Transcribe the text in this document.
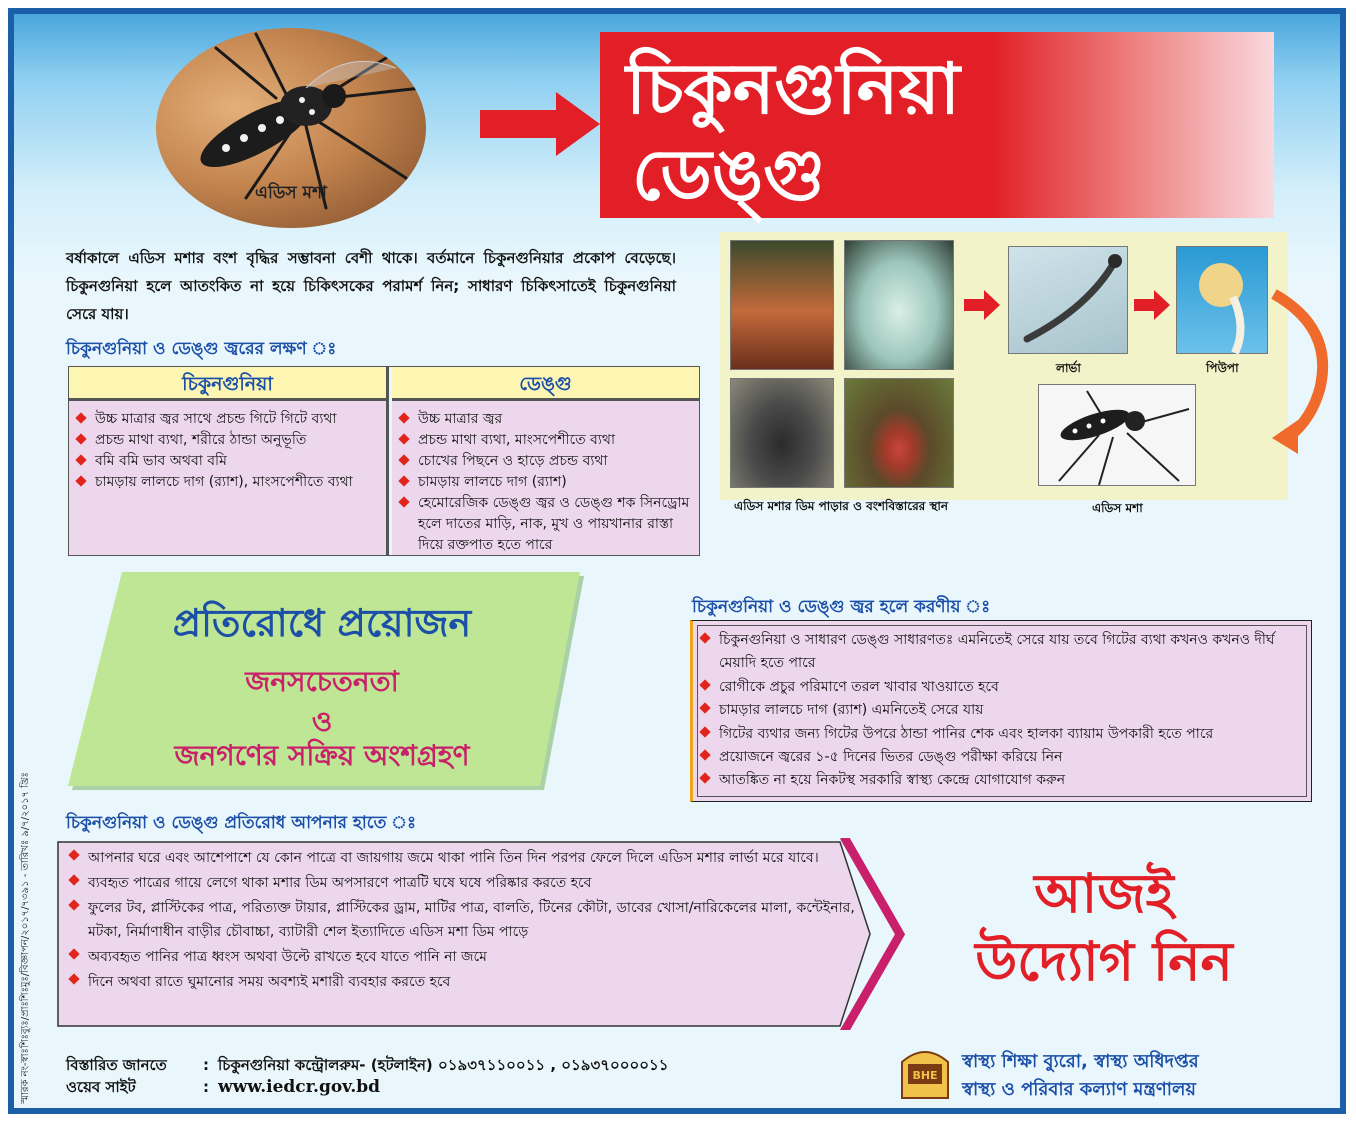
এডিস মশা
চিকুনগুনিয়া
ডেঙ্গু
বর্ষাকালে এডিস মশার বংশ বৃদ্ধির সম্ভাবনা বেশী থাকে। বর্তমানে চিকুনগুনিয়ার প্রকোপ বেড়েছে। চিকুনগুনিয়া হলে আতংকিত না হয়ে চিকিৎসকের পরামর্শ নিন; সাধারণ চিকিৎসাতেই চিকুনগুনিয়া সেরে যায়।
চিকুনগুনিয়া ও ডেঙ্গু জ্বরের লক্ষণ ঃ
চিকুনগুনিয়া
উচ্চ মাত্রার জ্বর সাথে প্রচন্ড গিটে গিটে ব্যথা
প্রচন্ড মাথা ব্যথা, শরীরে ঠান্ডা অনুভূতি
বমি বমি ভাব অথবা বমি
চামড়ায় লালচে দাগ (র‌্যাশ), মাংসপেশীতে ব্যথা
ডেঙ্গু
উচ্চ মাত্রার জ্বর
প্রচন্ড মাথা ব্যথা, মাংসপেশীতে ব্যথা
চোখের পিছনে ও হাড়ে প্রচন্ড ব্যথা
চামড়ায় লালচে দাগ (র‌্যাশ)
হেমোরেজিক ডেঙ্গু জ্বর ও ডেঙ্গু শক সিনড্রোম হলে দাতের মাড়ি, নাক, মুখ ও পায়খানার রাস্তা দিয়ে রক্তপাত হতে পারে
লার্ভা	পিউপা
এডিস মশার ডিম পাড়ার ও বংশবিস্তারের স্থান	এডিস মশা
প্রতিরোধে প্রয়োজন
জনসচেতনতা
ও
জনগণের সক্রিয় অংশগ্রহণ
চিকুনগুনিয়া ও ডেঙ্গু জ্বর হলে করণীয় ঃ
চিকুনগুনিয়া ও সাধারণ ডেঙ্গু সাধারণতঃ এমনিতেই সেরে যায় তবে গিটের ব্যথা কখনও কখনও দীর্ঘ মেয়াদি হতে পারে
রোগীকে প্রচুর পরিমাণে তরল খাবার খাওয়াতে হবে
চামড়ার লালচে দাগ (র‌্যাশ) এমনিতেই সেরে যায়
গিটের ব্যথার জন্য গিটের উপরে ঠান্ডা পানির শেক এবং হালকা ব্যায়াম উপকারী হতে পারে
প্রয়োজনে জ্বরের ১-৫ দিনের ভিতর ডেঙ্গু পরীক্ষা করিয়ে নিন
আতঙ্কিত না হয়ে নিকটস্থ সরকারি স্বাস্থ্য কেন্দ্রে যোগাযোগ করুন
চিকুনগুনিয়া ও ডেঙ্গু প্রতিরোধ আপনার হাতে ঃ
আপনার ঘরে এবং আশেপাশে যে কোন পাত্রে বা জায়গায় জমে থাকা পানি তিন দিন পরপর ফেলে দিলে এডিস মশার লার্ভা মরে যাবে।
ব্যবহৃত পাত্রের গায়ে লেগে থাকা মশার ডিম অপসারণে পাত্রটি ঘষে ঘষে পরিষ্কার করতে হবে
ফুলের টব, প্লাস্টিকের পাত্র, পরিত্যক্ত টায়ার, প্লাস্টিকের ড্রাম, মাটির পাত্র, বালতি, টিনের কৌটা, ডাবের খোসা/নারিকেলের মালা, কন্টেইনার, মটকা, নির্মাণাধীন বাড়ীর চৌবাচ্চা, ব্যাটারী শেল ইত্যাদিতে এডিস মশা ডিম পাড়ে
অব্যবহৃত পানির পাত্র ধ্বংস অথবা উল্টে রাখতে হবে যাতে পানি না জমে
দিনে অথবা রাতে ঘুমানোর সময় অবশ্যই মশারী ব্যবহার করতে হবে
আজই
উদ্যোগ নিন
বিস্তারিত জানতে	: চিকুনগুনিয়া কন্ট্রোলরুম- (হটলাইন) ০১৯৩৭১১০০১১ , ০১৯৩৭০০০০১১
ওয়েব সাইট	: www.iedcr.gov.bd
BHE
স্বাস্থ্য শিক্ষা ব্যুরো, স্বাস্থ্য অধিদপ্তর
স্বাস্থ্য ও পরিবার কল্যাণ মন্ত্রণালয়
স্মারক নং-স্বাঃশিঃব্যুঃ/প্রাঃশিঃমুঃ/বিজ্ঞাপন/২০১৭/৭৩৯১ - তারিখঃ ৯/৭/২০১৭ খ্রিঃ
